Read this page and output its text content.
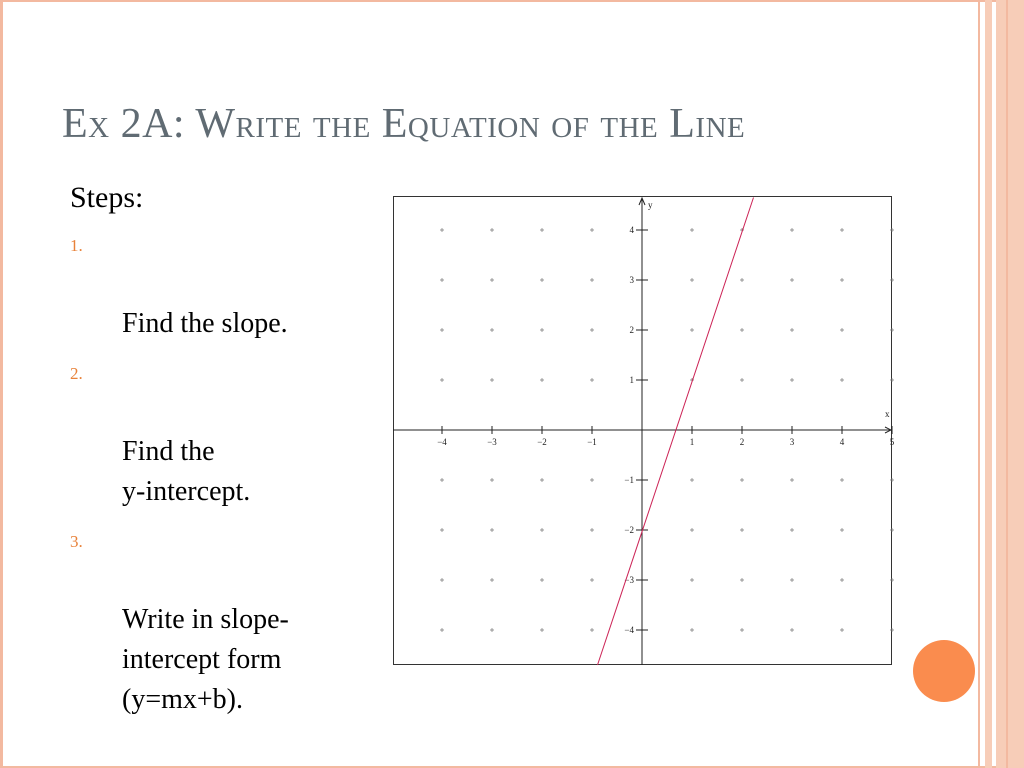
Ex 2A: Write the Equation of the Line
Steps:

1.

Find the slope.

2.

Find the
y-intercept.

3.

Write in slope-
intercept form
(y=mx+b).

x
y
−4	−3	−2	−1	1	2	3	4	5
4
3
2
1
−1
−2
−3
−4
